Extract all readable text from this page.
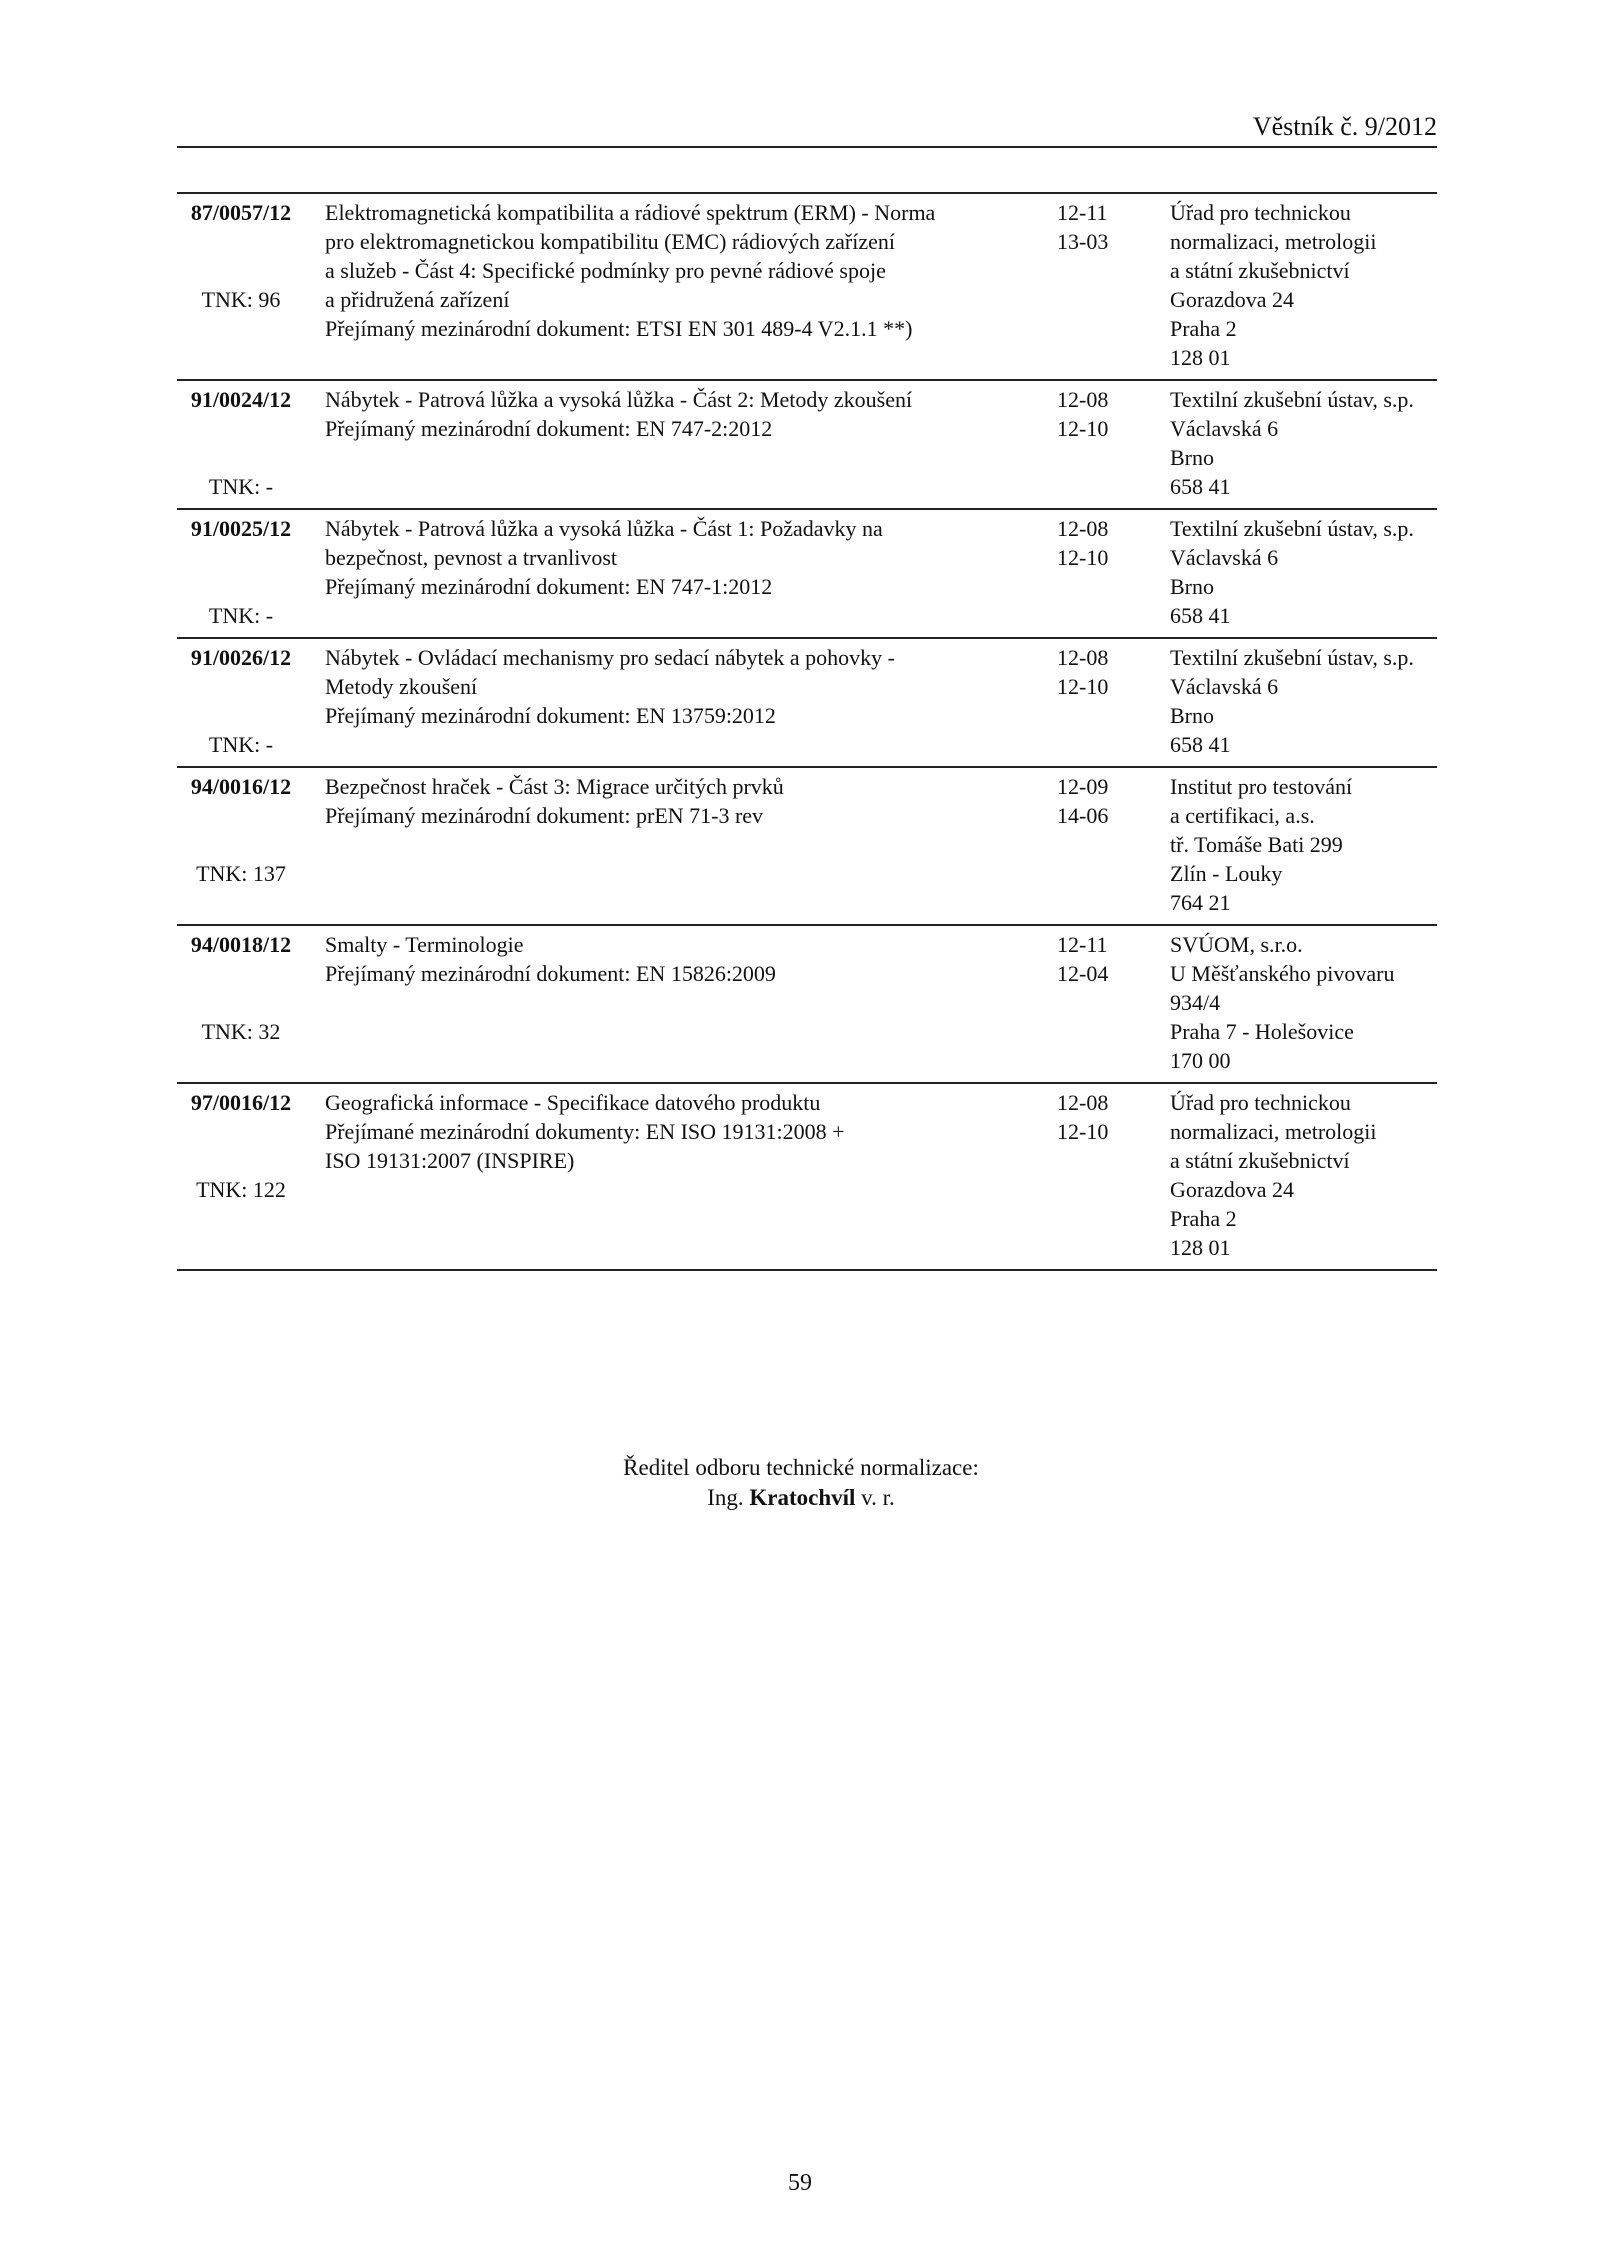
Věstník č. 9/2012
87/0057/12
TNK: 96
Elektromagnetická kompatibilita a rádiové spektrum (ERM) - Norma
pro elektromagnetickou kompatibilitu (EMC) rádiových zařízení
a služeb - Část 4: Specifické podmínky pro pevné rádiové spoje
a přidružená zařízení
Přejímaný mezinárodní dokument: ETSI EN 301 489-4 V2.1.1 **)
12-11
13-03
Úřad pro technickou
normalizaci, metrologii
a státní zkušebnictví
Gorazdova 24
Praha 2
128 01
91/0024/12
TNK: -
Nábytek - Patrová lůžka a vysoká lůžka - Část 2: Metody zkoušení
Přejímaný mezinárodní dokument: EN 747-2:2012
12-08
12-10
Textilní zkušební ústav, s.p.
Václavská 6
Brno
658 41
91/0025/12
TNK: -
Nábytek - Patrová lůžka a vysoká lůžka - Část 1: Požadavky na
bezpečnost, pevnost a trvanlivost
Přejímaný mezinárodní dokument: EN 747-1:2012
12-08
12-10
Textilní zkušební ústav, s.p.
Václavská 6
Brno
658 41
91/0026/12
TNK: -
Nábytek - Ovládací mechanismy pro sedací nábytek a pohovky -
Metody zkoušení
Přejímaný mezinárodní dokument: EN 13759:2012
12-08
12-10
Textilní zkušební ústav, s.p.
Václavská 6
Brno
658 41
94/0016/12
TNK: 137
Bezpečnost hraček - Část 3: Migrace určitých prvků
Přejímaný mezinárodní dokument: prEN 71-3 rev
12-09
14-06
Institut pro testování
a certifikaci, a.s.
tř. Tomáše Bati 299
Zlín - Louky
764 21
94/0018/12
TNK: 32
Smalty - Terminologie
Přejímaný mezinárodní dokument: EN 15826:2009
12-11
12-04
SVÚOM, s.r.o.
U Měšťanského pivovaru
934/4
Praha 7 - Holešovice
170 00
97/0016/12
TNK: 122
Geografická informace - Specifikace datového produktu
Přejímané mezinárodní dokumenty: EN ISO 19131:2008 +
ISO 19131:2007 (INSPIRE)
12-08
12-10
Úřad pro technickou
normalizaci, metrologii
a státní zkušebnictví
Gorazdova 24
Praha 2
128 01
Ředitel odboru technické normalizace:
Ing. Kratochvíl v. r.
59
